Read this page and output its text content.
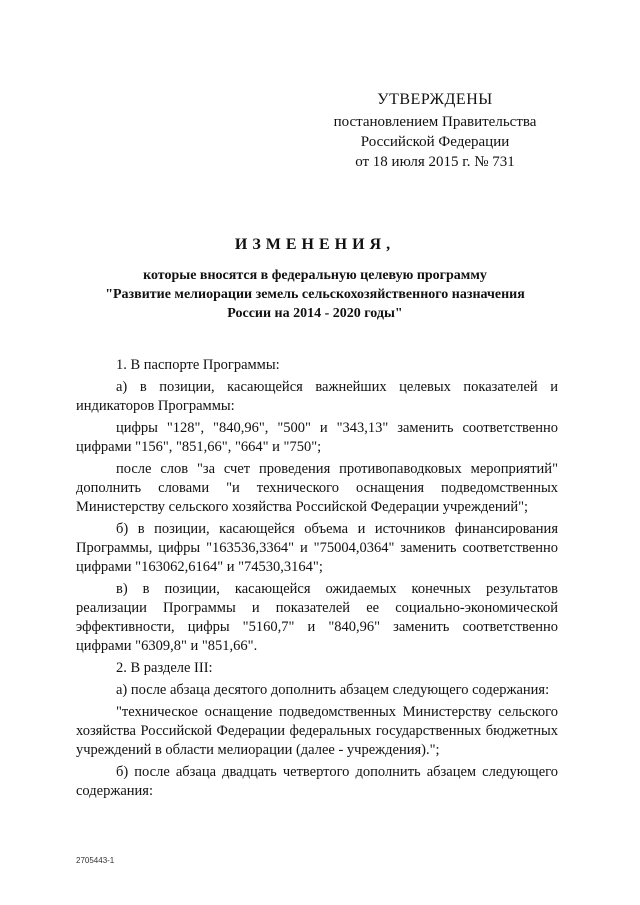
УТВЕРЖДЕНЫ
постановлением Правительства
Российской Федерации
от 18 июля 2015 г. № 731
ИЗМЕНЕНИЯ,
которые вносятся в федеральную целевую программу
"Развитие мелиорации земель сельскохозяйственного назначения
России на 2014 - 2020 годы"

1. В паспорте Программы:

а) в позиции, касающейся важнейших целевых показателей и индикаторов Программы:

цифры "128", "840,96", "500" и "343,13" заменить соответственно цифрами "156", "851,66", "664" и "750";

после слов "за счет проведения противопаводковых мероприятий" дополнить словами "и технического оснащения подведомственных Министерству сельского хозяйства Российской Федерации учреждений";

б) в позиции, касающейся объема и источников финансирования Программы, цифры "163536,3364" и "75004,0364" заменить соответственно цифрами "163062,6164" и "74530,3164";

в) в позиции, касающейся ожидаемых конечных результатов реализации Программы и показателей ее социально-экономической эффективности, цифры "5160,7" и "840,96" заменить соответственно цифрами "6309,8" и "851,66".

2. В разделе III:

а) после абзаца десятого дополнить абзацем следующего содержания:

"техническое оснащение подведомственных Министерству сельского хозяйства Российской Федерации федеральных государственных бюджетных учреждений в области мелиорации (далее - учреждения).";

б) после абзаца двадцать четвертого дополнить абзацем следующего содержания:

2705443-1
